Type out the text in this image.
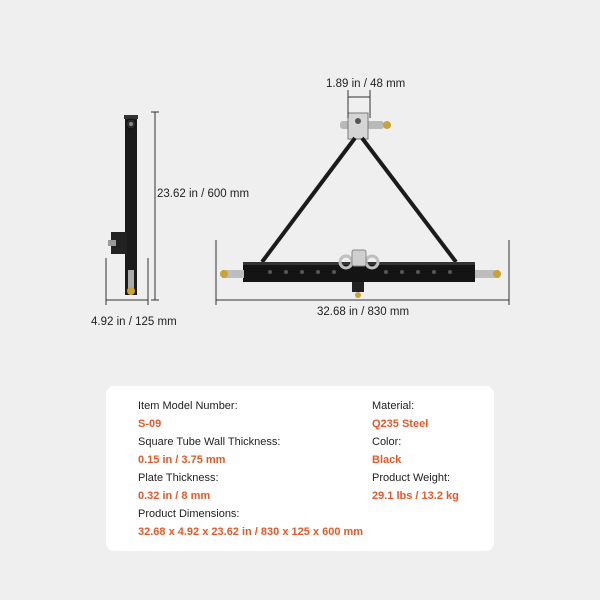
23.62 in / 600 mm
4.92 in / 125 mm
1.89 in / 48 mm
32.68 in / 830 mm
Item Model Number:
S-09
Square Tube Wall Thickness:
0.15 in / 3.75 mm
Plate Thickness:
0.32 in / 8 mm
Product Dimensions:
32.68 x 4.92 x 23.62 in / 830 x 125 x 600 mm
Material:
Q235 Steel
Color:
Black
Product Weight:
29.1 lbs / 13.2 kg
